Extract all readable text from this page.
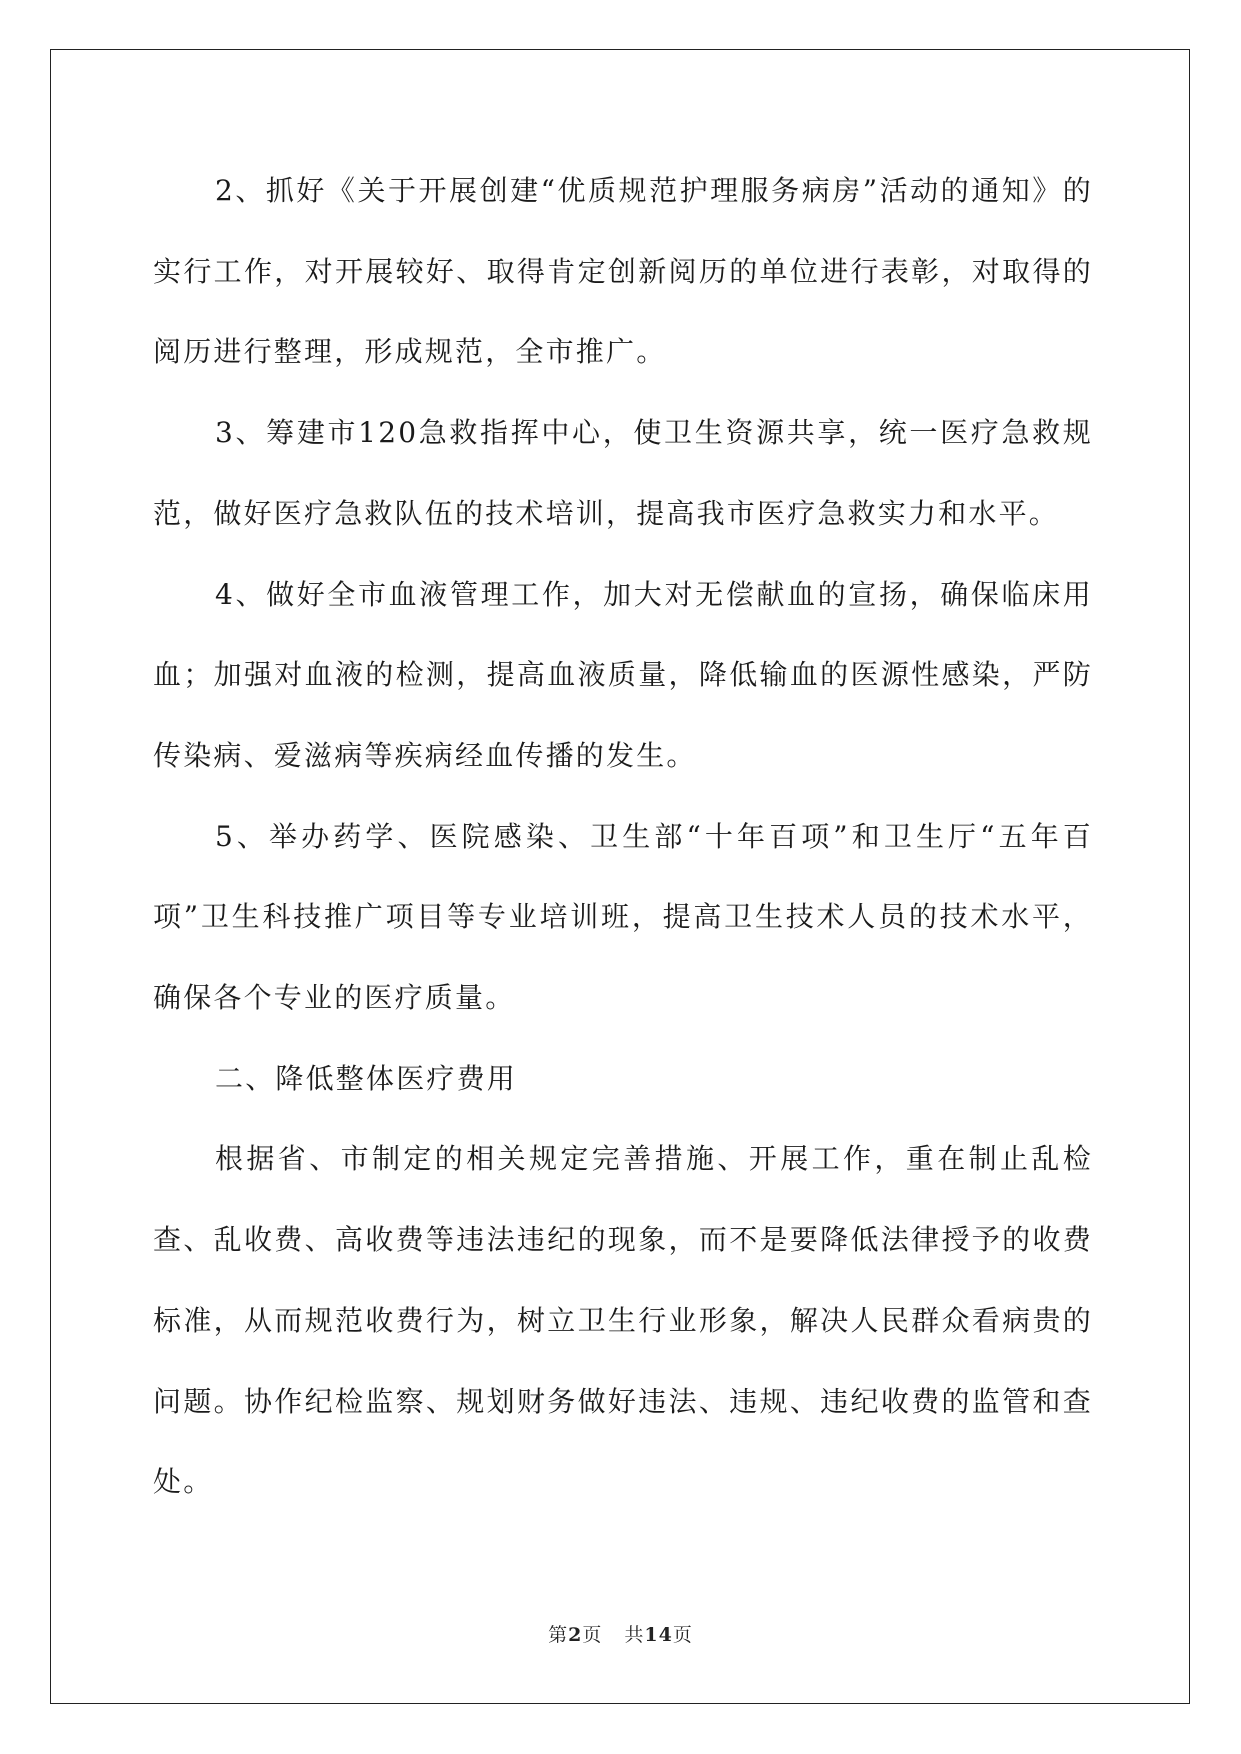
2、抓好《关于开展创建“优质规范护理服务病房”活动的通知》的实行工作，对开展较好、取得肯定创新阅历的单位进行表彰，对取得的阅历进行整理，形成规范，全市推广。

3、筹建市120急救指挥中心，使卫生资源共享，统一医疗急救规范，做好医疗急救队伍的技术培训，提高我市医疗急救实力和水平。

4、做好全市血液管理工作，加大对无偿献血的宣扬，确保临床用血；加强对血液的检测，提高血液质量，降低输血的医源性感染，严防传染病、爱滋病等疾病经血传播的发生。

5、举办药学、医院感染、卫生部“十年百项”和卫生厅“五年百项”卫生科技推广项目等专业培训班，提高卫生技术人员的技术水平，确保各个专业的医疗质量。

二、降低整体医疗费用

根据省、市制定的相关规定完善措施、开展工作，重在制止乱检查、乱收费、高收费等违法违纪的现象，而不是要降低法律授予的收费标准，从而规范收费行为，树立卫生行业形象，解决人民群众看病贵的问题。协作纪检监察、规划财务做好违法、违规、违纪收费的监管和查处。

第2页 共14页
